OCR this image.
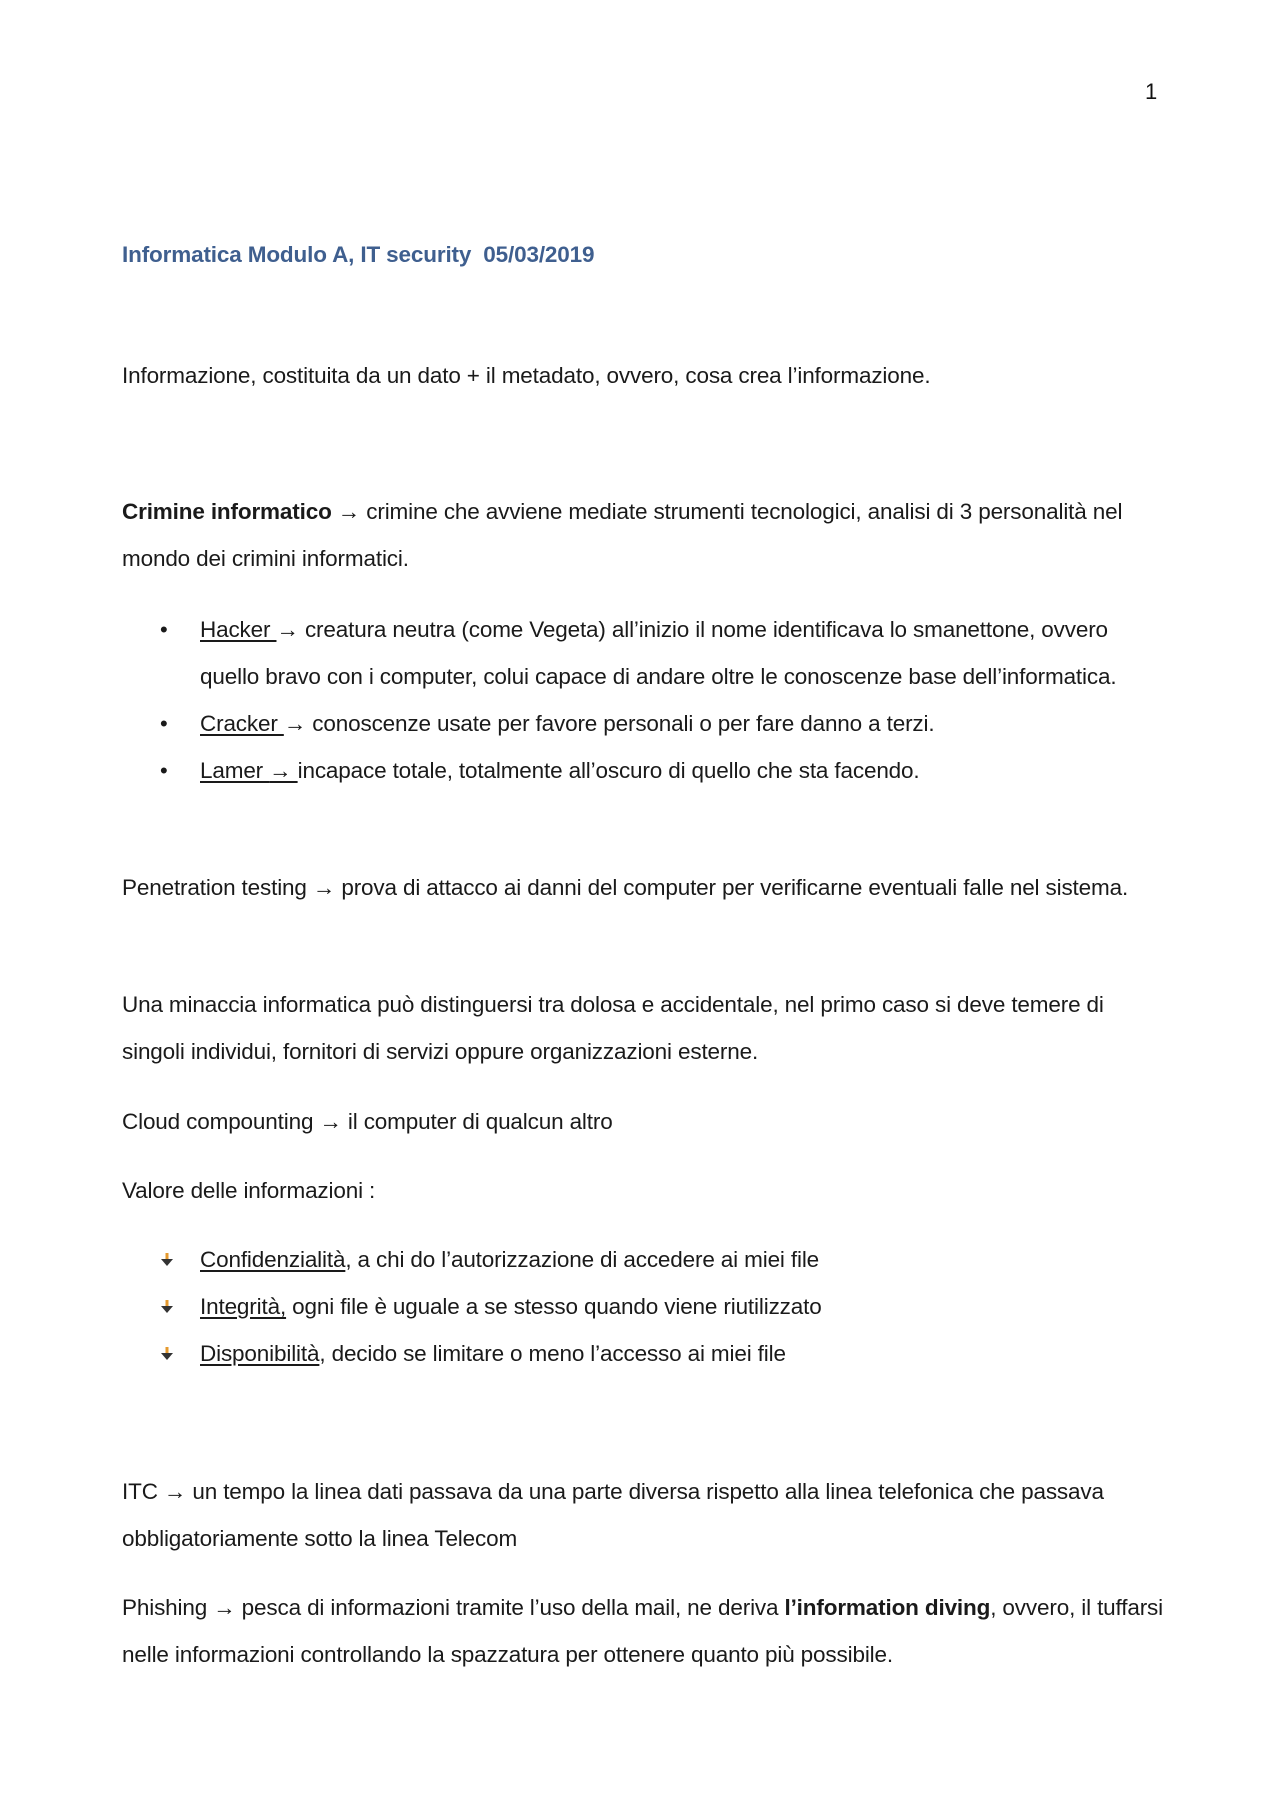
1
Informatica Modulo A, IT security 05/03/2019

Informazione, costituita da un dato + il metadato, ovvero, cosa crea l’informazione.

Crimine informatico → crimine che avviene mediate strumenti tecnologici, analisi di 3 personalità nel mondo dei crimini informatici.

• Hacker → creatura neutra (come Vegeta) all’inizio il nome identificava lo smanettone, ovvero quello bravo con i computer, colui capace di andare oltre le conoscenze base dell’informatica.
• Cracker → conoscenze usate per favore personali o per fare danno a terzi.
• Lamer → incapace totale, totalmente all’oscuro di quello che sta facendo.

Penetration testing → prova di attacco ai danni del computer per verificarne eventuali falle nel sistema.

Una minaccia informatica può distinguersi tra dolosa e accidentale, nel primo caso si deve temere di singoli individui, fornitori di servizi oppure organizzazioni esterne.

Cloud compounting → il computer di qualcun altro

Valore delle informazioni :

Confidenzialità, a chi do l’autorizzazione di accedere ai miei file
Integrità, ogni file è uguale a se stesso quando viene riutilizzato
Disponibilità, decido se limitare o meno l’accesso ai miei file

ITC → un tempo la linea dati passava da una parte diversa rispetto alla linea telefonica che passava obbligatoriamente sotto la linea Telecom

Phishing → pesca di informazioni tramite l’uso della mail, ne deriva l’information diving, ovvero, il tuffarsi nelle informazioni controllando la spazzatura per ottenere quanto più possibile.
